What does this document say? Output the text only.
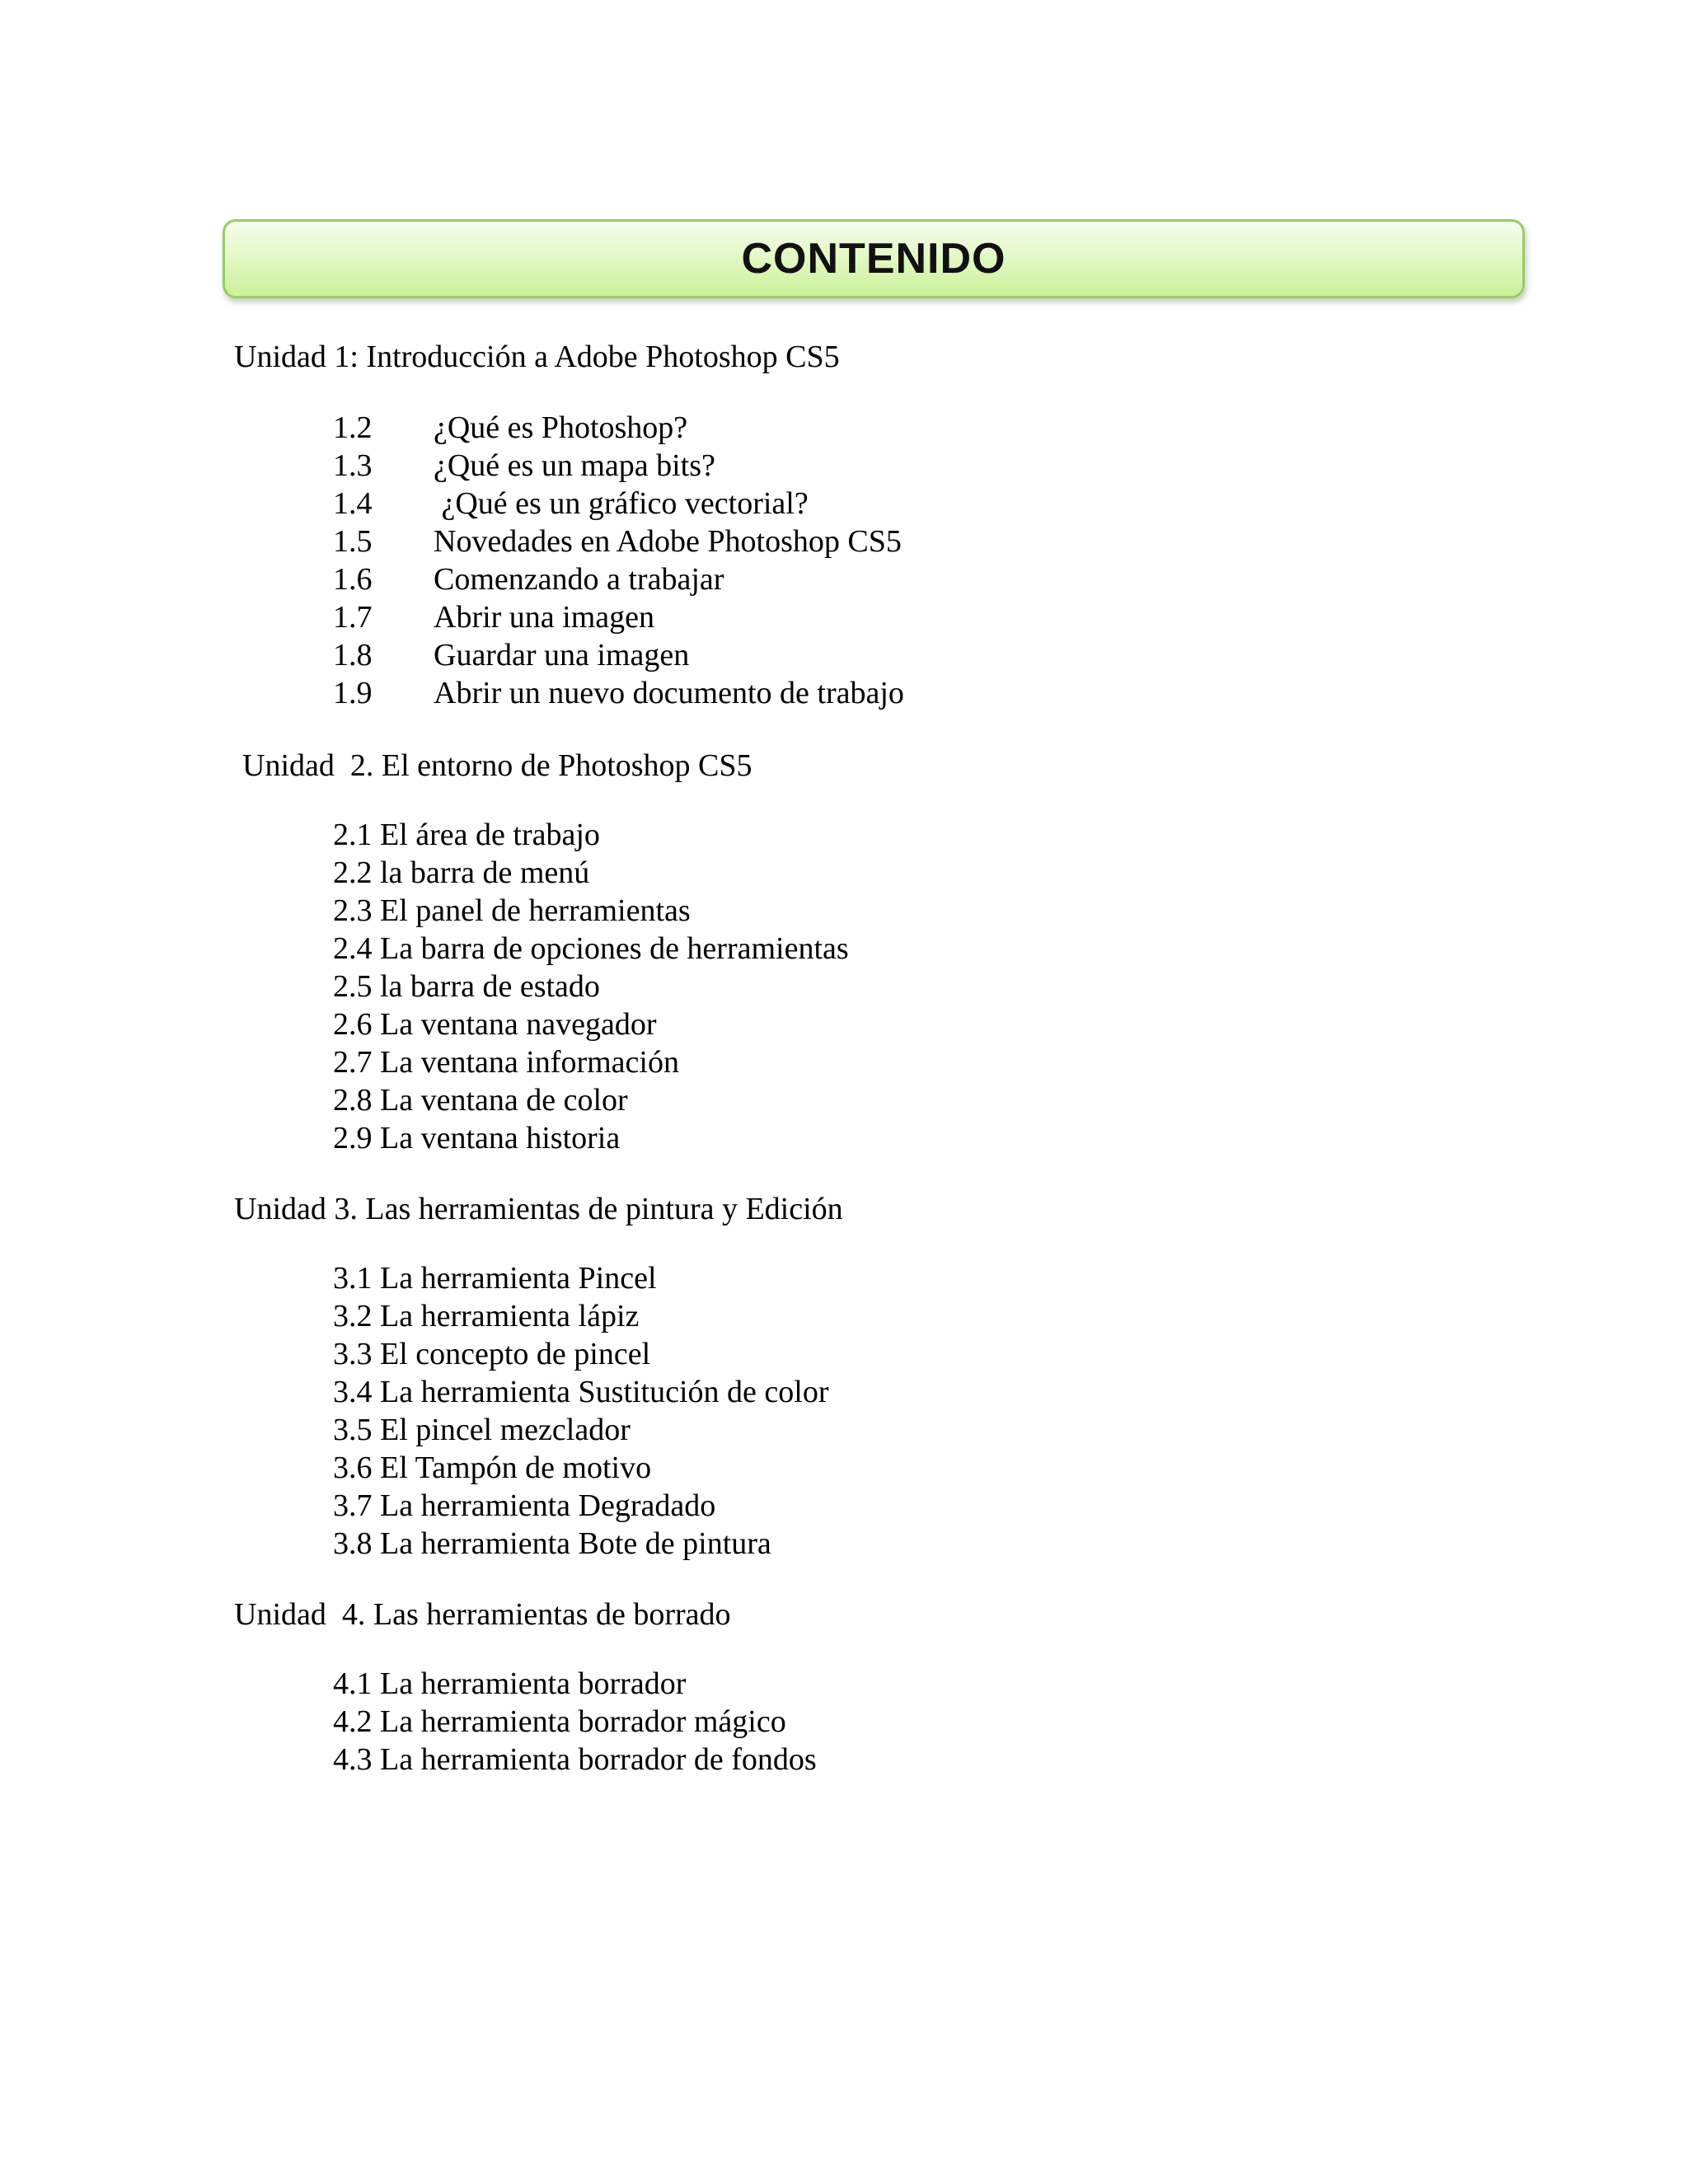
CONTENIDO
Unidad 1: Introducción a Adobe Photoshop CS5
1.2 ¿Qué es Photoshop?
1.3 ¿Qué es un mapa bits?
1.4 ¿Qué es un gráfico vectorial?
1.5 Novedades en Adobe Photoshop CS5
1.6 Comenzando a trabajar
1.7 Abrir una imagen
1.8 Guardar una imagen
1.9 Abrir un nuevo documento de trabajo
Unidad  2. El entorno de Photoshop CS5
2.1 El área de trabajo
2.2 la barra de menú
2.3 El panel de herramientas
2.4 La barra de opciones de herramientas
2.5 la barra de estado
2.6 La ventana navegador
2.7 La ventana información
2.8 La ventana de color
2.9 La ventana historia
Unidad 3. Las herramientas de pintura y Edición
3.1 La herramienta Pincel
3.2 La herramienta lápiz
3.3 El concepto de pincel
3.4 La herramienta Sustitución de color
3.5 El pincel mezclador
3.6 El Tampón de motivo
3.7 La herramienta Degradado
3.8 La herramienta Bote de pintura
Unidad  4. Las herramientas de borrado
4.1 La herramienta borrador
4.2 La herramienta borrador mágico
4.3 La herramienta borrador de fondos
